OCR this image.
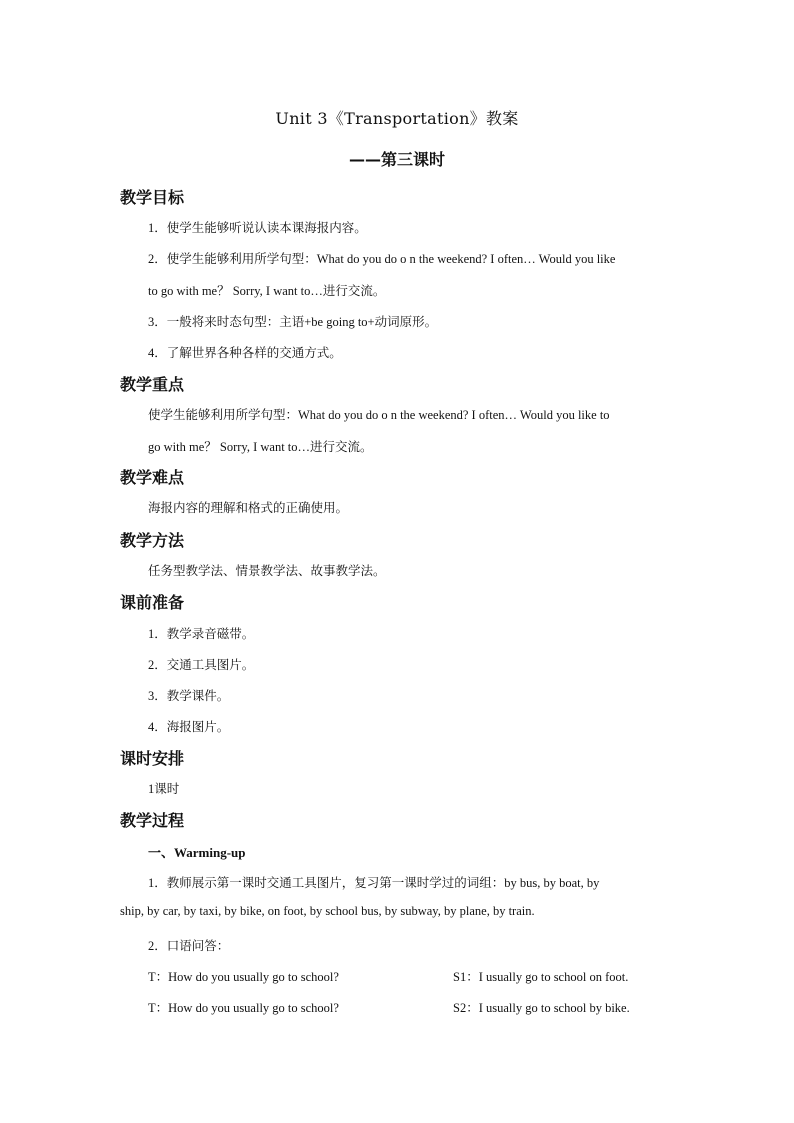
Unit 3《Transportation》教案
——第三课时
教学目标
1．使学生能够听说认读本课海报内容。
2．使学生能够利用所学句型：What do you do o n the weekend? I often… Would you like
to go with me？ Sorry, I want to…进行交流。
3．一般将来时态句型：主语+be going to+动词原形。
4．了解世界各种各样的交通方式。
教学重点
使学生能够利用所学句型：What do you do o n the weekend? I often… Would you like to
go with me？ Sorry, I want to…进行交流。
教学难点
海报内容的理解和格式的正确使用。
教学方法
任务型教学法、情景教学法、故事教学法。
课前准备
1．教学录音磁带。
2．交通工具图片。
3．教学课件。
4．海报图片。
课时安排
1课时
教学过程
一、Warming-up
1．教师展示第一课时交通工具图片，复习第一课时学过的词组：by bus, by boat, by
ship, by car, by taxi, by bike, on foot, by school bus, by subway, by plane, by train.
2．口语问答：
T：How do you usually go to school?	S1：I usually go to school on foot.
T：How do you usually go to school?	S2：I usually go to school by bike.
